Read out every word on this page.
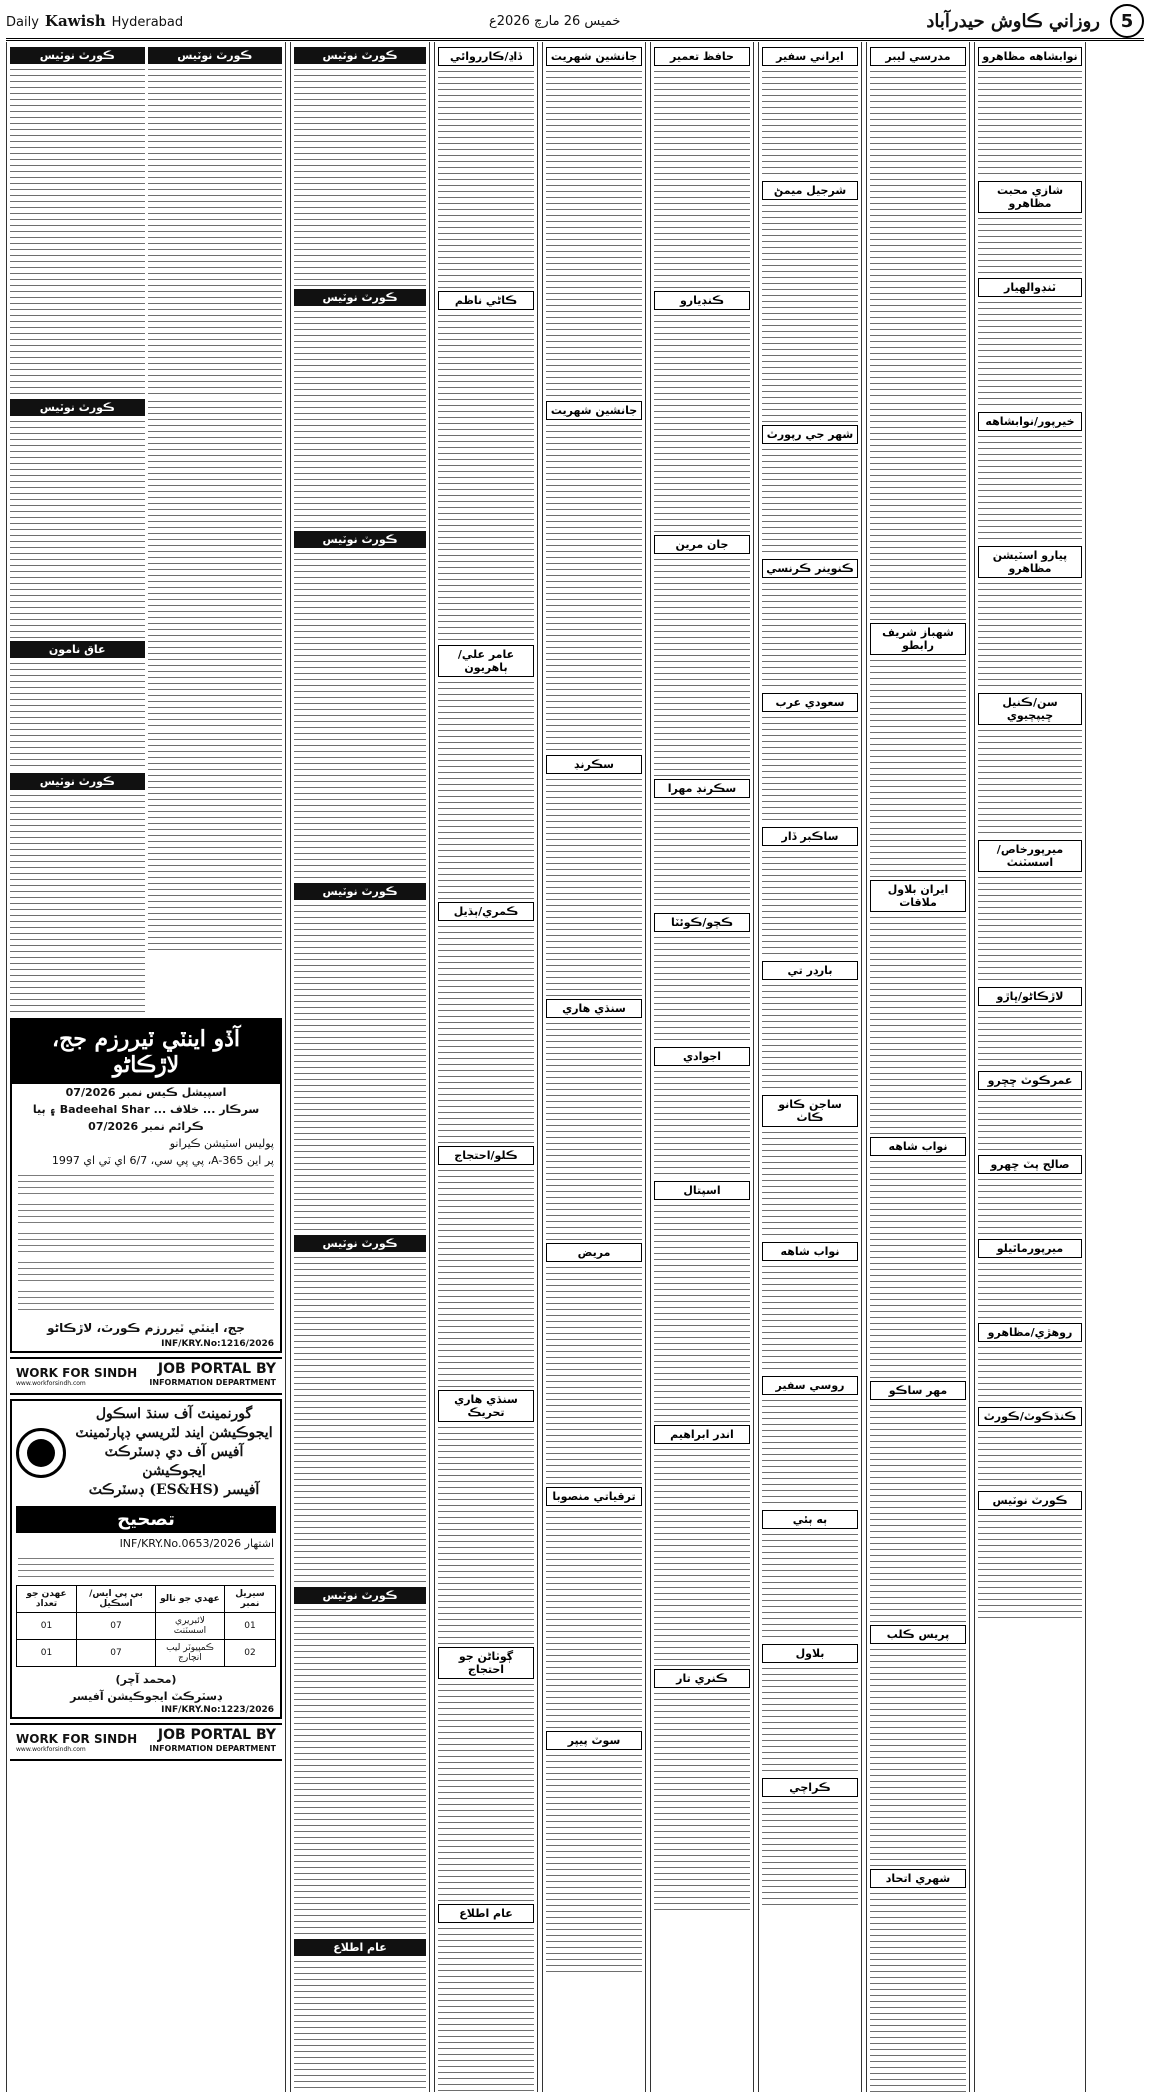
Daily Kawish Hyderabad	خميس 26 مارچ 2026ع	روزاني ڪاوش حيدرآباد	5
ڪورٽ نوٽيس
ڪورٽ نوٽيس
عاق نامون
ڪورٽ نوٽيس
ڪورٽ نوٽيس
آڏو اينٽي ٽيررزم جج، لاڙڪاڻو
اسپيشل ڪيس نمبر 07/2026
سرڪار ... خلاف ... Badeehal Shar ۽ ٻيا
ڪرائم نمبر 07/2026
پوليس اسٽيشن ڪيرانو
پر اين A-365، پي پي سي، 6/7 اي ٽي اي 1997
جج، اينٽي ٽيررزم ڪورٽ، لاڙڪاڻو
INF/KRY.No:1216/2026
WORK FOR SINDH
www.workforsindh.com
JOB PORTAL BY
INFORMATION DEPARTMENT
گورنمينٽ آف سنڌ اسڪول
ايجوڪيشن ايند لٽريسي ڊپارٽمينٽ
آفيس آف دي ڊسٽرڪٽ ايجوڪيشن
آفيسر (ES&HS) ڊسٽرڪٽ
تصحيح
اشتهار INF/KRY.No.0653/2026
سيريل نمبر	عهدي جو نالو	بي پي ايس/اسڪيل	عهدن جو تعداد
01	لائبريري اسسٽنٽ	07	01
02	ڪمپيوٽر ليب انچارج	07	01
(محمد آچر)
ڊسٽرڪٽ ايجوڪيشن آفيسر
INF/KRY.No:1223/2026
WORK FOR SINDH
www.workforsindh.com
JOB PORTAL BY
INFORMATION DEPARTMENT
ڪورٽ نوٽيس
ڪورٽ نوٽيس
ڪورٽ نوٽيس
ڪورٽ نوٽيس
ڪورٽ نوٽيس
ڪورٽ نوٽيس
عام اطلاع
ڏاڍ/ڪارروائي
ڪاڻي ناظم
عامر علي/ٻاهريون
ڪمري/ٻڌيل
ڪلو/احتجاج
سنڌي هاري تحريڪ
ڳوٺاڻن جو احتجاج
عام اطلاع
جانشين شهريت
جانشين شهريت
سڪرنڊ
سنڌي هاري
مريض
ترقياتي منصوبا
سوٽ پيپر
حافظ تعمير
ڪنڊيارو
جان مرين
سڪرنڊ مهرا
ڪچو/ڪوئٽا
اجوادي
اسپتال
اندر ابراهيم
ڪنري تار
ايراني سفير
شرجيل ميمڻ
شهر جي رپورٽ
ڪنوينر ڪرنسي
سعودي عرب
ساڪبر ڏار
بارڊر تي
ساجن ڪانو ڪاٺ
نواب شاهه
روسي سفير
ٻه ٻئي
بلاول
ڪراچي
مدرسي ليبر
شهباز شريف رابطو
ايران بلاول ملاقات
نواب شاهه
مهر ساڪو
پريس ڪلب
شهري اتحاد
نوابشاهه مظاهرو
شازي محبت مظاهرو
ٽنڊوالهيار
خيرپور/نوابشاهه
پيارو اسٽيشن مظاهرو
سن/ڪنيل ڇيپچيوي
ميرپورخاص/اسسٽنٽ
لاڙڪاڻو/ڀاڙو
عمرڪوٽ ڇڇرو
صالح پٽ ڇهرو
ميرپورماٿيلو
روهڙي/مظاهرو
ڪنڌڪوٽ/ڪورٽ
ڪورٽ نوٽيس
